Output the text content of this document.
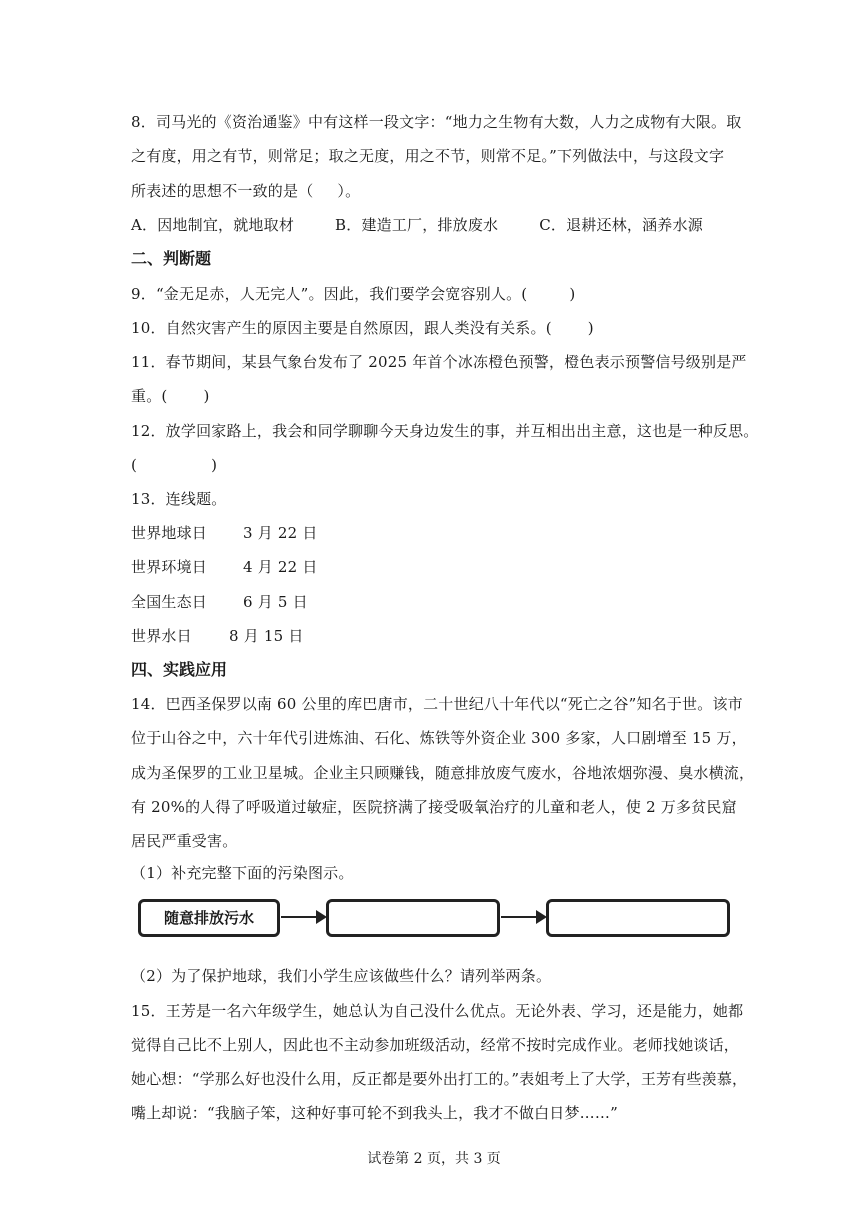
8．司马光的《资治通鉴》中有这样一段文字：“地力之生物有大数，人力之成物有大限。取
之有度，用之有节，则常足；取之无度，用之不节，则常不足。”下列做法中，与这段文字
所表述的思想不一致的是（ ）。
A．因地制宜，就地取材	B．建造工厂，排放废水	C．退耕还林，涵养水源
二、判断题
9．“金无足赤，人无完人”。因此，我们要学会宽容别人。(	)
10．自然灾害产生的原因主要是自然原因，跟人类没有关系。( )
11．春节期间，某县气象台发布了 2025 年首个冰冻橙色预警，橙色表示预警信号级别是严
重。( )
12．放学回家路上，我会和同学聊聊今天身边发生的事，并互相出出主意，这也是一种反思。
(	)
13．连线题。
世界地球日 3 月 22 日
世界环境日 4 月 22 日
全国生态日 6 月 5 日
世界水日 8 月 15 日
四、实践应用
14．巴西圣保罗以南 60 公里的库巴唐市，二十世纪八十年代以“死亡之谷”知名于世。该市
位于山谷之中，六十年代引进炼油、石化、炼铁等外资企业 300 多家，人口剧增至 15 万，
成为圣保罗的工业卫星城。企业主只顾赚钱，随意排放废气废水，谷地浓烟弥漫、臭水横流，
有 20%的人得了呼吸道过敏症，医院挤满了接受吸氧治疗的儿童和老人，使 2 万多贫民窟
居民严重受害。
（1）补充完整下面的污染图示。
随意排放污水
（2）为了保护地球，我们小学生应该做些什么？请列举两条。
15．王芳是一名六年级学生，她总认为自己没什么优点。无论外表、学习，还是能力，她都
觉得自己比不上别人，因此也不主动参加班级活动，经常不按时完成作业。老师找她谈话，
她心想：“学那么好也没什么用，反正都是要外出打工的。”表姐考上了大学，王芳有些羡慕，
嘴上却说：“我脑子笨，这种好事可轮不到我头上，我才不做白日梦……”
试卷第 2 页，共 3 页
